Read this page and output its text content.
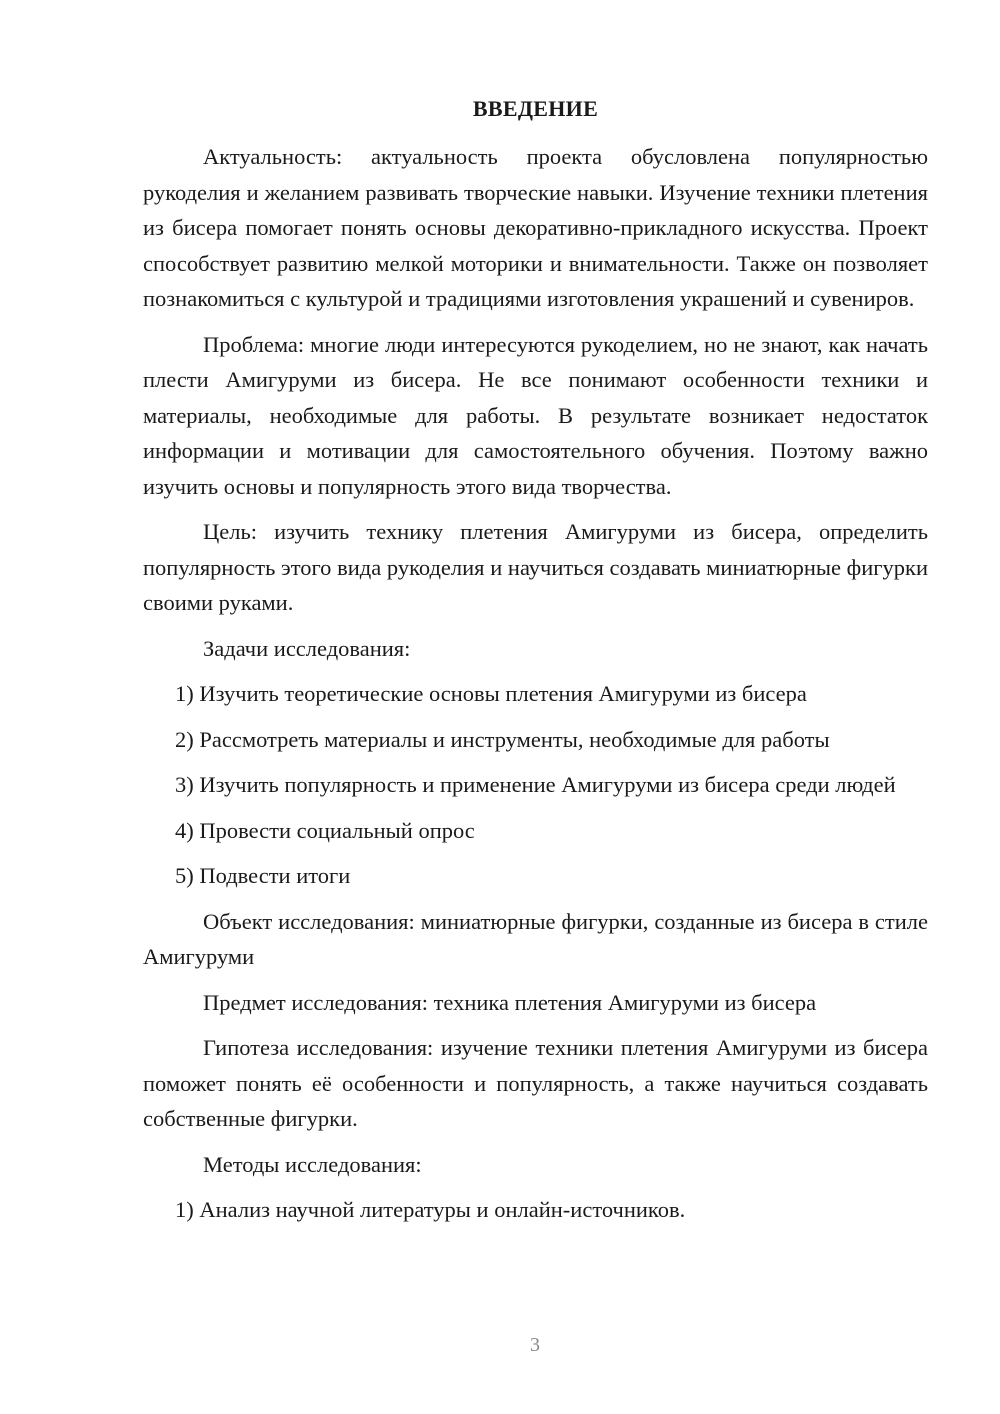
ВВЕДЕНИЕ

Актуальность: актуальность проекта обусловлена популярностью рукоделия и желанием развивать творческие навыки. Изучение техники плетения из бисера помогает понять основы декоративно-прикладного искусства. Проект способствует развитию мелкой моторики и внимательности. Также он позволяет познакомиться с культурой и традициями изготовления украшений и сувениров.

Проблема: многие люди интересуются рукоделием, но не знают, как начать плести Амигуруми из бисера. Не все понимают особенности техники и материалы, необходимые для работы. В результате возникает недостаток информации и мотивации для самостоятельного обучения. Поэтому важно изучить основы и популярность этого вида творчества.

Цель: изучить технику плетения Амигуруми из бисера, определить популярность этого вида рукоделия и научиться создавать миниатюрные фигурки своими руками.

Задачи исследования:

1) Изучить теоретические основы плетения Амигуруми из бисера

2) Рассмотреть материалы и инструменты, необходимые для работы

3) Изучить популярность и применение Амигуруми из бисера среди людей

4) Провести социальный опрос

5) Подвести итоги

Объект исследования: миниатюрные фигурки, созданные из бисера в стиле Амигуруми

Предмет исследования: техника плетения Амигуруми из бисера

Гипотеза исследования: изучение техники плетения Амигуруми из бисера поможет понять её особенности и популярность, а также научиться создавать собственные фигурки.

Методы исследования:

1) Анализ научной литературы и онлайн-источников.

3
